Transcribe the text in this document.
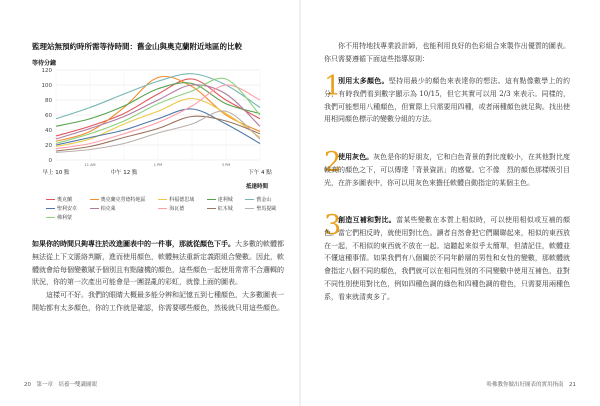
監理站無預約時所需等待時間：舊金山與奧克蘭附近地區的比較
等待分鐘
0
20
40
60
80
100
120
11 AM	1 PM	3 PM
早上 10 點	中午 12 點	下午 4 點
抵達時間
奧克蘭	奧克蘭克勞德特地區	科福德思域	達利城	舊金山
聖利安卓	柏克萊	海瓦德	紅木城	聖馬提歐
佛利蒙
如果你的時間只夠專注於改進圖表中的一件事，那就從顏色下手。大多數的軟體都無法從上下文脈絡判斷，進而使用顏色，軟體無法重新定義跟組合變數。因此，軟體就會給每個變數賦予個別且有點隨機的顏色，這些顏色一起使用常常不合邏輯的狀況，你的第一次產出可能會是一團混亂的彩虹，就像上面的圖表。
這樣可不好。我們的眼睛大概最多能分辨和記憶五到七種顏色，大多數圖表一開始都有太多顏色，你的工作就是確認，你需要哪些顏色，然後就只用這些顏色。
20　第一章　培養一雙識圖眼
你不用特地找專業設計師，也能利用良好的色彩組合來製作出優質的圖表。你只需要遵循下面這些指導原則：
1
別用太多顏色。堅持用最少的顏色來表達你的想法。這有點像數學上的約分，有時我們看到數字顯示為 10/15，但它其實可以用 2/3 來表示。同樣的，我們可能想用八種顏色，但實際上只需要用四種，或者兩種顏色就足夠。找出使用相同顏色標示的變數分組的方法。
2
使用灰色。灰色是你的好朋友，它和白色背景的對比度較小，在其他對比度較高的顏色之下，可以傳達「背景資訊」的感覺。它不像　烈的顏色那樣吸引目光，在許多圖表中，你可以用灰色來擔任軟體自動指定的某個主色。
3
創造互補和對比。當某些變數在本質上相似時，可以使用相似或互補的顏色。當它們相反時，就使用對比色。讀者自然會把它們關聯起來，相似的東西放在一起，不相似的東西就不放在一起。這聽起來似乎太簡單，但請記住，軟體並不懂這種事情。如果我們有八個關於不同年齡層的男性和女性的變數，那軟體就會指定八個不同的顏色，我們就可以在相同性別的不同變數中使用互補色，並對不同性別使用對比色，例如四種色調的綠色和四種色調的橙色，只需要用兩種色系，看來就清爽多了。
哈佛教你做出好圖表的實用指南　21
